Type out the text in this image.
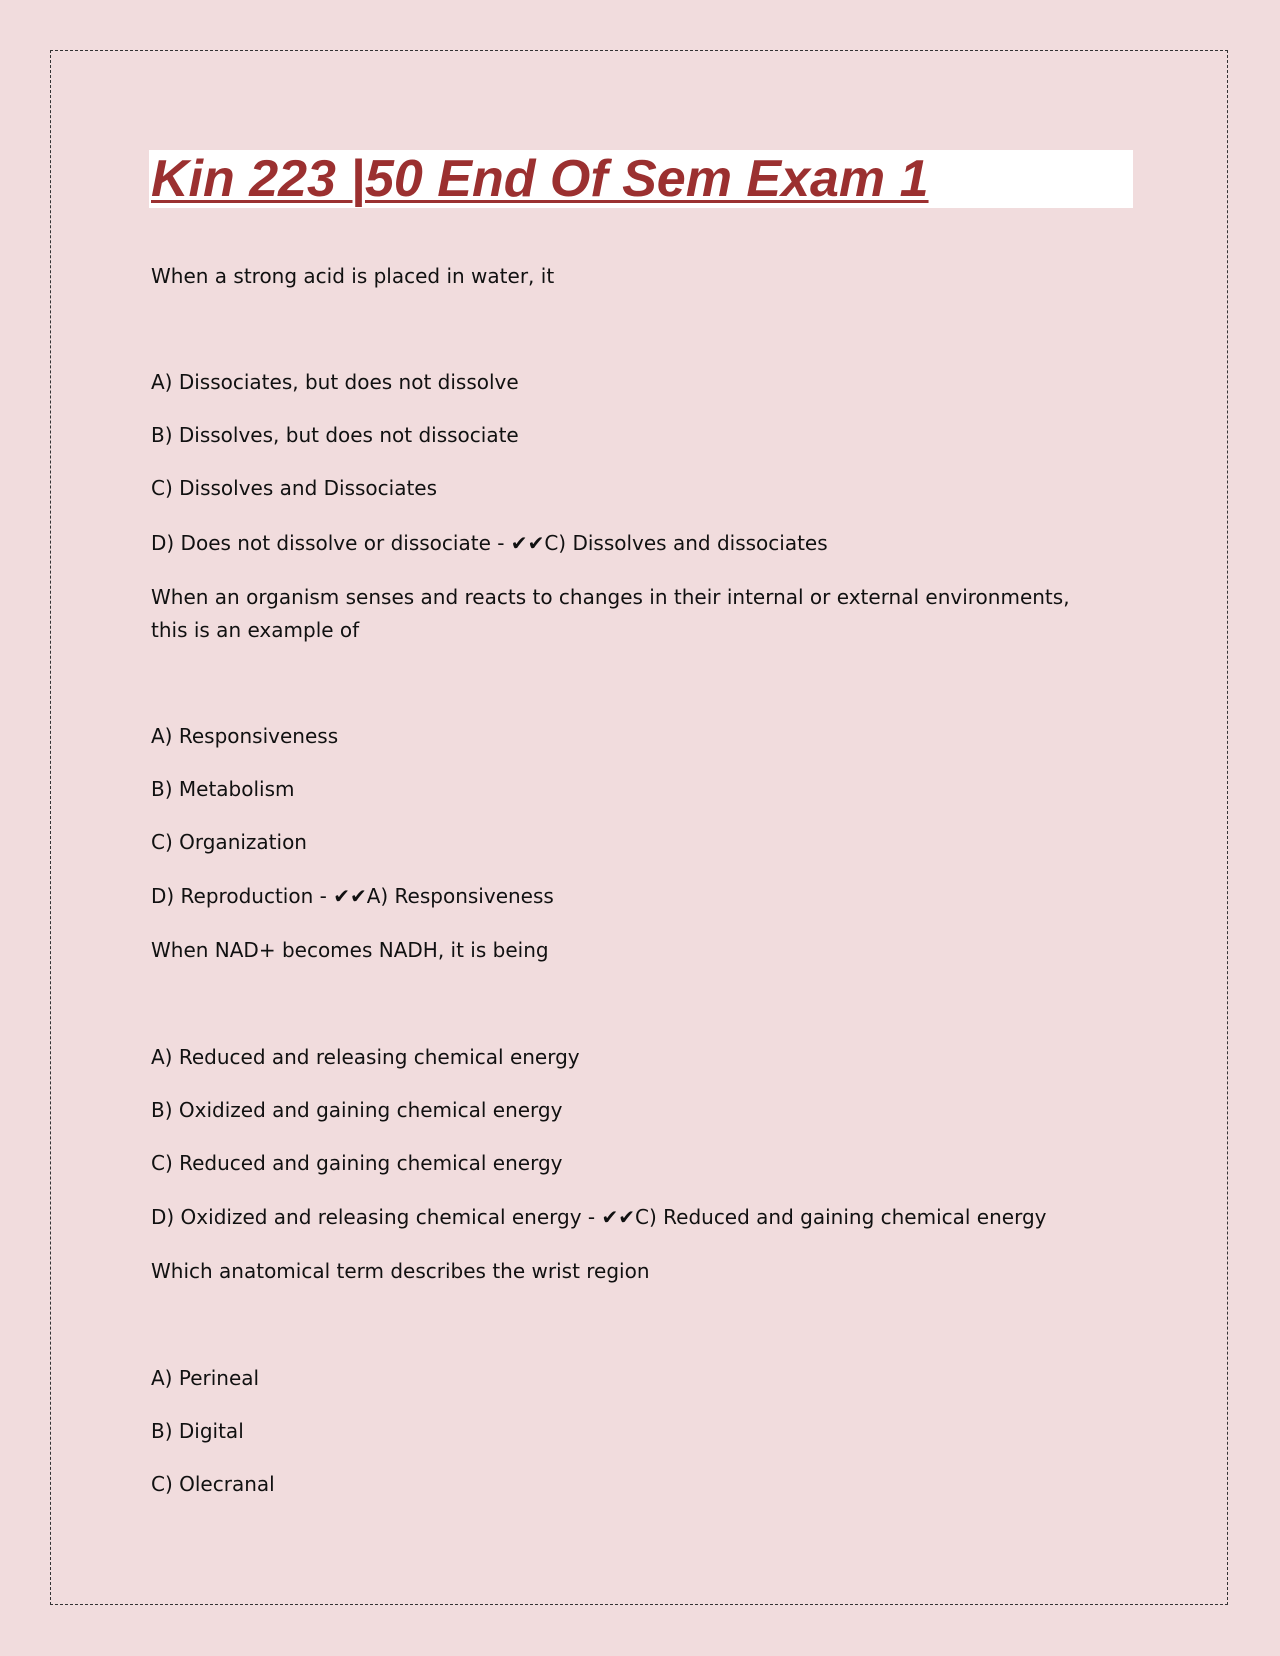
Kin 223 |50 End Of Sem Exam 1
When a strong acid is placed in water, it
A) Dissociates, but does not dissolve
B) Dissolves, but does not dissociate
C) Dissolves and Dissociates
D) Does not dissolve or dissociate - ✔✔C) Dissolves and dissociates
When an organism senses and reacts to changes in their internal or external environments, this is an example of
A) Responsiveness
B) Metabolism
C) Organization
D) Reproduction - ✔✔A) Responsiveness
When NAD+ becomes NADH, it is being
A) Reduced and releasing chemical energy
B) Oxidized and gaining chemical energy
C) Reduced and gaining chemical energy
D) Oxidized and releasing chemical energy - ✔✔C) Reduced and gaining chemical energy
Which anatomical term describes the wrist region
A) Perineal
B) Digital
C) Olecranal
